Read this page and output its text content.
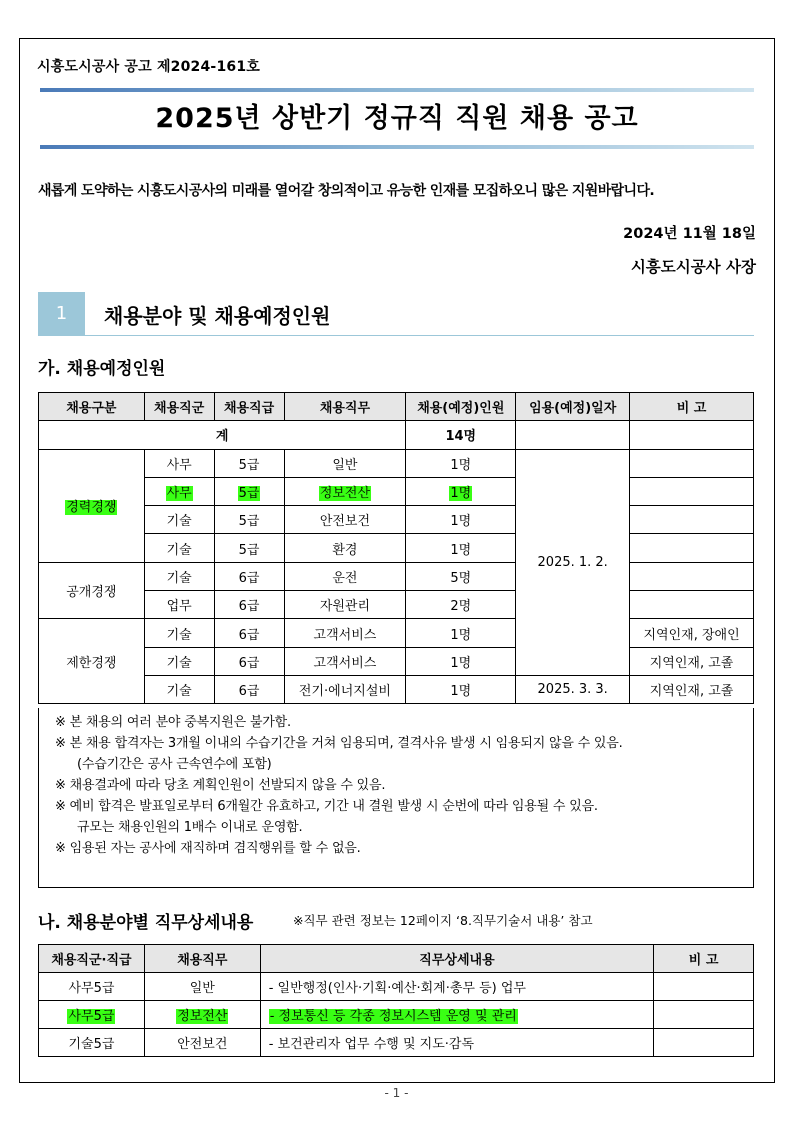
시흥도시공사 공고 제2024-161호
2025년 상반기 정규직 직원 채용 공고
새롭게 도약하는 시흥도시공사의 미래를 열어갈 창의적이고 유능한 인재를 모집하오니 많은 지원바랍니다.
2024년 11월 18일
시흥도시공사 사장
1	채용분야 및 채용예정인원
가. 채용예정인원
채용구분	채용직군	채용직급	채용직무	채용(예정)인원	임용(예정)일자	비 고
계				14명		
경력경쟁	사무	5급	일반	1명	2025. 1. 2.	
	사무	5급	정보전산	1명		
	기술	5급	안전보건	1명		
	기술	5급	환경	1명		
공개경쟁	기술	6급	운전	5명		
	업무	6급	자원관리	2명		
제한경쟁	기술	6급	고객서비스	1명		지역인재, 장애인
	기술	6급	고객서비스	1명		지역인재, 고졸
	기술	6급	전기·에너지설비	1명	2025. 3. 3.	지역인재, 고졸

※ 본 채용의 여러 분야 중복지원은 불가함.

※ 본 채용 합격자는 3개월 이내의 수습기간을 거쳐 임용되며, 결격사유 발생 시 임용되지 않을 수 있음.

(수습기간은 공사 근속연수에 포함)

※ 채용결과에 따라 당초 계획인원이 선발되지 않을 수 있음.

※ 예비 합격은 발표일로부터 6개월간 유효하고, 기간 내 결원 발생 시 순번에 따라 임용될 수 있음.

규모는 채용인원의 1배수 이내로 운영함.

※ 임용된 자는 공사에 재직하며 겸직행위를 할 수 없음.

나. 채용분야별 직무상세내용	※직무 관련 정보는 12페이지 ‘8.직무기술서 내용’ 참고
채용직군·직급	채용직무	직무상세내용	비 고
사무5급	일반	- 일반행정(인사·기획·예산·회계·총무 등) 업무	
사무5급	정보전산	- 정보통신 등 각종 정보시스템 운영 및 관리	
기술5급	안전보건	- 보건관리자 업무 수행 및 지도·감독	
- 1 -
